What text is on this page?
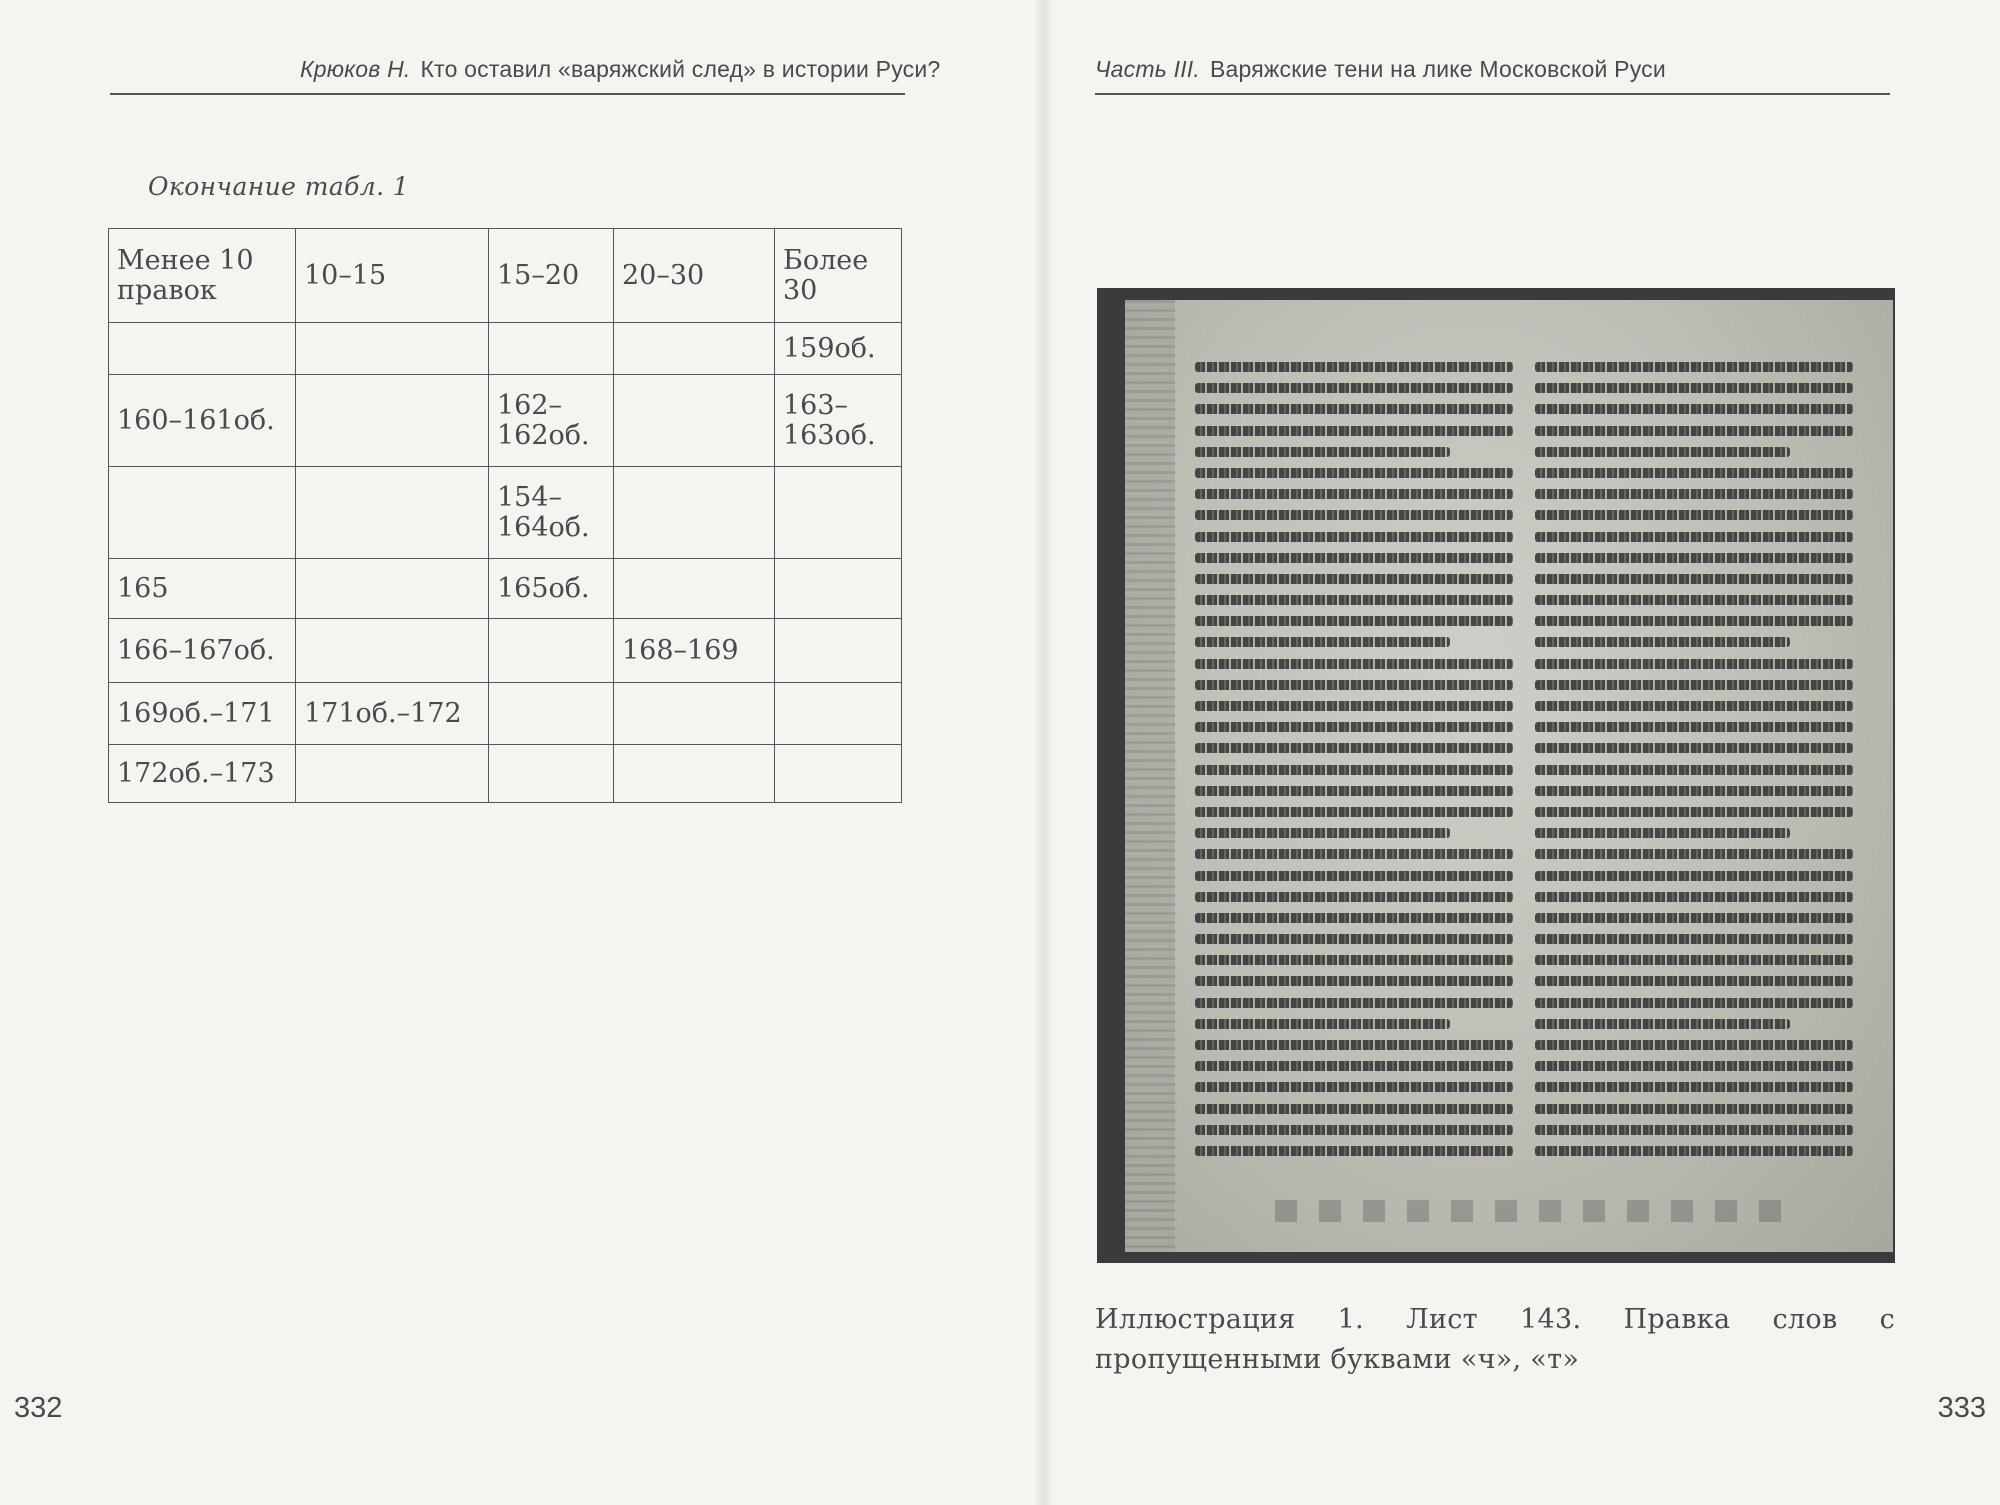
Крюков Н. Кто оставил «варяжский след» в истории Руси?
Окончание табл. 1
Менее 10 правок	10–15	15–20	20–30	Более 30
				159об.
160–161об.		162–162об.		163–163об.
		154–164об.		
165		165об.		
166–167об.			168–169	
169об.–171	171об.–172			
172об.–173				
332
Часть III. Варяжские тени на лике Московской Руси
Иллюстрация 1. Лист 143. Правка слов с пропущенными буквами «ч», «т»
333
